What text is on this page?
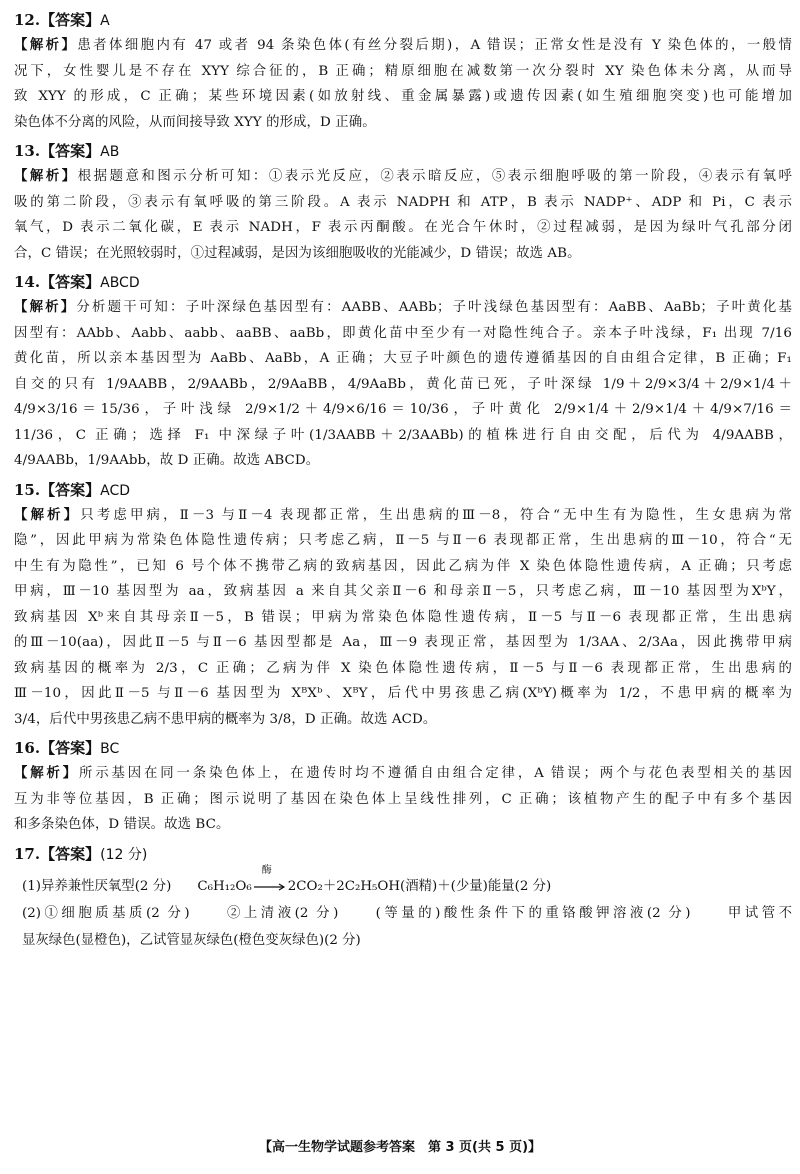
12.【答案】A
【解析】患者体细胞内有 47 或者 94 条染色体(有丝分裂后期)，A 错误；正常女性是没有 Y 染色体的，一般情
况下，女性婴儿是不存在 XYY 综合征的，B 正确；精原细胞在减数第一次分裂时 XY 染色体未分离，从而导
致 XYY 的形成，C 正确；某些环境因素(如放射线、重金属暴露)或遗传因素(如生殖细胞突变)也可能增加
染色体不分离的风险，从而间接导致 XYY 的形成，D 正确。
13.【答案】AB
【解析】根据题意和图示分析可知：①表示光反应，②表示暗反应，⑤表示细胞呼吸的第一阶段，④表示有氧呼
吸的第二阶段，③表示有氧呼吸的第三阶段。A 表示 NADPH 和 ATP，B 表示 NADP⁺、ADP 和 Pi，C 表示
氧气，D 表示二氧化碳，E 表示 NADH，F 表示丙酮酸。在光合午休时，②过程减弱，是因为绿叶气孔部分闭
合，C 错误；在光照较弱时，①过程减弱，是因为该细胞吸收的光能减少，D 错误；故选 AB。
14.【答案】ABCD
【解析】分析题干可知：子叶深绿色基因型有：AABB、AABb；子叶浅绿色基因型有：AaBB、AaBb；子叶黄化基
因型有：AAbb、Aabb、aabb、aaBB、aaBb，即黄化苗中至少有一对隐性纯合子。亲本子叶浅绿，F₁ 出现 7/16
黄化苗，所以亲本基因型为 AaBb、AaBb，A 正确；大豆子叶颜色的遗传遵循基因的自由组合定律，B 正确；F₁
自交的只有 1/9AABB，2/9AABb，2/9AaBB，4/9AaBb，黄化苗已死，子叶深绿 1/9＋2/9×3/4＋2/9×1/4＋
4/9×3/16＝15/36，子叶浅绿 2/9×1/2＋4/9×6/16＝10/36，子叶黄化 2/9×1/4＋2/9×1/4＋4/9×7/16＝
11/36，C 正确；选择 F₁ 中深绿子叶(1/3AABB＋2/3AABb)的植株进行自由交配，后代为 4/9AABB，
4/9AABb，1/9AAbb，故 D 正确。故选 ABCD。
15.【答案】ACD
【解析】只考虑甲病，Ⅱ－3 与Ⅱ－4 表现都正常，生出患病的Ⅲ－8，符合“无中生有为隐性，生女患病为常
隐”，因此甲病为常染色体隐性遗传病；只考虑乙病，Ⅱ－5 与Ⅱ－6 表现都正常，生出患病的Ⅲ－10，符合“无
中生有为隐性”，已知 6 号个体不携带乙病的致病基因，因此乙病为伴 X 染色体隐性遗传病，A 正确；只考虑
甲病，Ⅲ－10 基因型为 aa，致病基因 a 来自其父亲Ⅱ－6 和母亲Ⅱ－5，只考虑乙病，Ⅲ－10 基因型为XᵇY，
致病基因 Xᵇ来自其母亲Ⅱ－5，B 错误；甲病为常染色体隐性遗传病，Ⅱ－5 与Ⅱ－6 表现都正常，生出患病
的Ⅲ－10(aa)，因此Ⅱ－5 与Ⅱ－6 基因型都是 Aa，Ⅲ－9 表现正常，基因型为 1/3AA、2/3Aa，因此携带甲病
致病基因的概率为 2/3，C 正确；乙病为伴 X 染色体隐性遗传病，Ⅱ－5 与Ⅱ－6 表现都正常，生出患病的
Ⅲ－10，因此Ⅱ－5 与Ⅱ－6 基因型为 XᴮXᵇ、XᴮY，后代中男孩患乙病(XᵇY)概率为 1/2，不患甲病的概率为
3/4，后代中男孩患乙病不患甲病的概率为 3/8，D 正确。故选 ACD。
16.【答案】BC
【解析】所示基因在同一条染色体上，在遗传时均不遵循自由组合定律，A 错误；两个与花色表型相关的基因
互为非等位基因，B 正确；图示说明了基因在染色体上呈线性排列，C 正确；该植物产生的配子中有多个基因
和多条染色体，D 错误。故选 BC。
17.【答案】(12 分)
(1)异养兼性厌氧型(2 分) C₆H₁₂O₆
酶
2CO₂＋2C₂H₅OH(酒精)＋(少量)能量(2 分)
(2)①细胞质基质(2 分)　　②上清液(2 分)　　(等量的)酸性条件下的重铬酸钾溶液(2 分)　　甲试管不
显灰绿色(显橙色)，乙试管显灰绿色(橙色变灰绿色)(2 分)
【高一生物学试题参考答案　第 3 页(共 5 页)】
